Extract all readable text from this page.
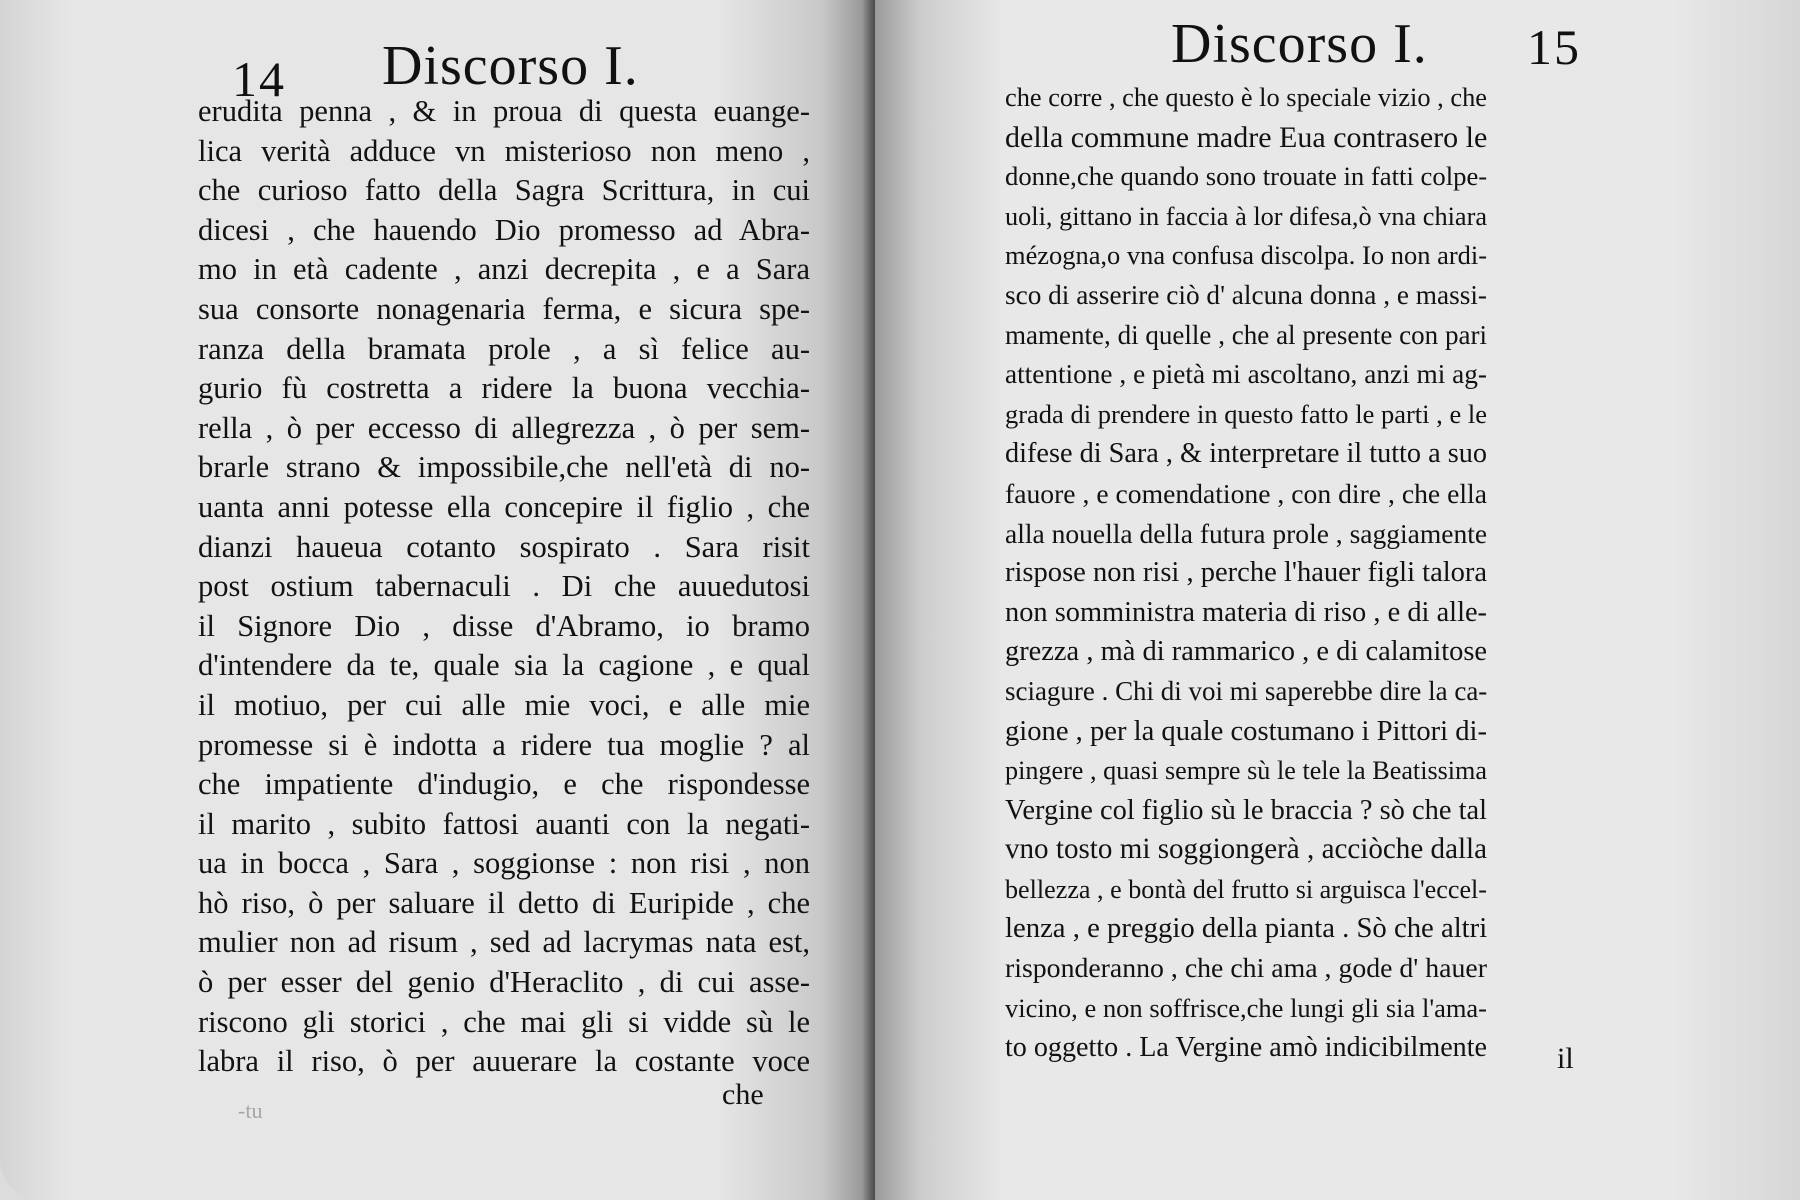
14 Discorso I.
erudita penna , & in proua di questa euange-
lica verità adduce vn misterioso non meno ,
che curioso fatto della Sagra Scrittura, in cui
dicesi , che hauendo Dio promesso ad Abra-
mo in età cadente , anzi decrepita , e a Sara
sua consorte nonagenaria ferma, e sicura spe-
ranza della bramata prole , a sì felice au-
gurio fù costretta a ridere la buona vecchia-
rella , ò per eccesso di allegrezza , ò per sem-
brarle strano & impossibile,che nell'età di no-
uanta anni potesse ella concepire il figlio , che
dianzi haueua cotanto sospirato . Sara risit
post ostium tabernaculi . Di che auuedutosi
il Signore Dio , disse d'Abramo, io bramo
d'intendere da te, quale sia la cagione , e qual
il motiuo, per cui alle mie voci, e alle mie
promesse si è indotta a ridere tua moglie ? al
che impatiente d'indugio, e che rispondesse
il marito , subito fattosi auanti con la negati-
ua in bocca , Sara , soggionse : non risi , non
hò riso, ò per saluare il detto di Euripide , che
mulier non ad risum , sed ad lacrymas nata est,
ò per esser del genio d'Heraclito , di cui asse-
riscono gli storici , che mai gli si vidde sù le
labra il riso, ò per auuerare la costante voce
che
-tu
Discorso I. 15
che corre , che questo è lo speciale vizio , che
della commune madre Eua contrasero le
donne,che quando sono trouate in fatti colpe-
uoli, gittano in faccia à lor difesa,ò vna chiara
mézogna,o vna confusa discolpa. Io non ardi-
sco di asserire ciò d' alcuna donna , e massi-
mamente, di quelle , che al presente con pari
attentione , e pietà mi ascoltano, anzi mi ag-
grada di prendere in questo fatto le parti , e le
difese di Sara , & interpretare il tutto a suo
fauore , e comendatione , con dire , che ella
alla nouella della futura prole , saggiamente
rispose non risi , perche l'hauer figli talora
non somministra materia di riso , e di alle-
grezza , mà di rammarico , e di calamitose
sciagure . Chi di voi mi saperebbe dire la ca-
gione , per la quale costumano i Pittori di-
pingere , quasi sempre sù le tele la Beatissima
Vergine col figlio sù le braccia ? sò che tal
vno tosto mi soggiongerà , acciòche dalla
bellezza , e bontà del frutto si arguisca l'eccel-
lenza , e preggio della pianta . Sò che altri
risponderanno , che chi ama , gode d' hauer
vicino, e non soffrisce,che lungi gli sia l'ama-
to oggetto . La Vergine amò indicibilmente il
